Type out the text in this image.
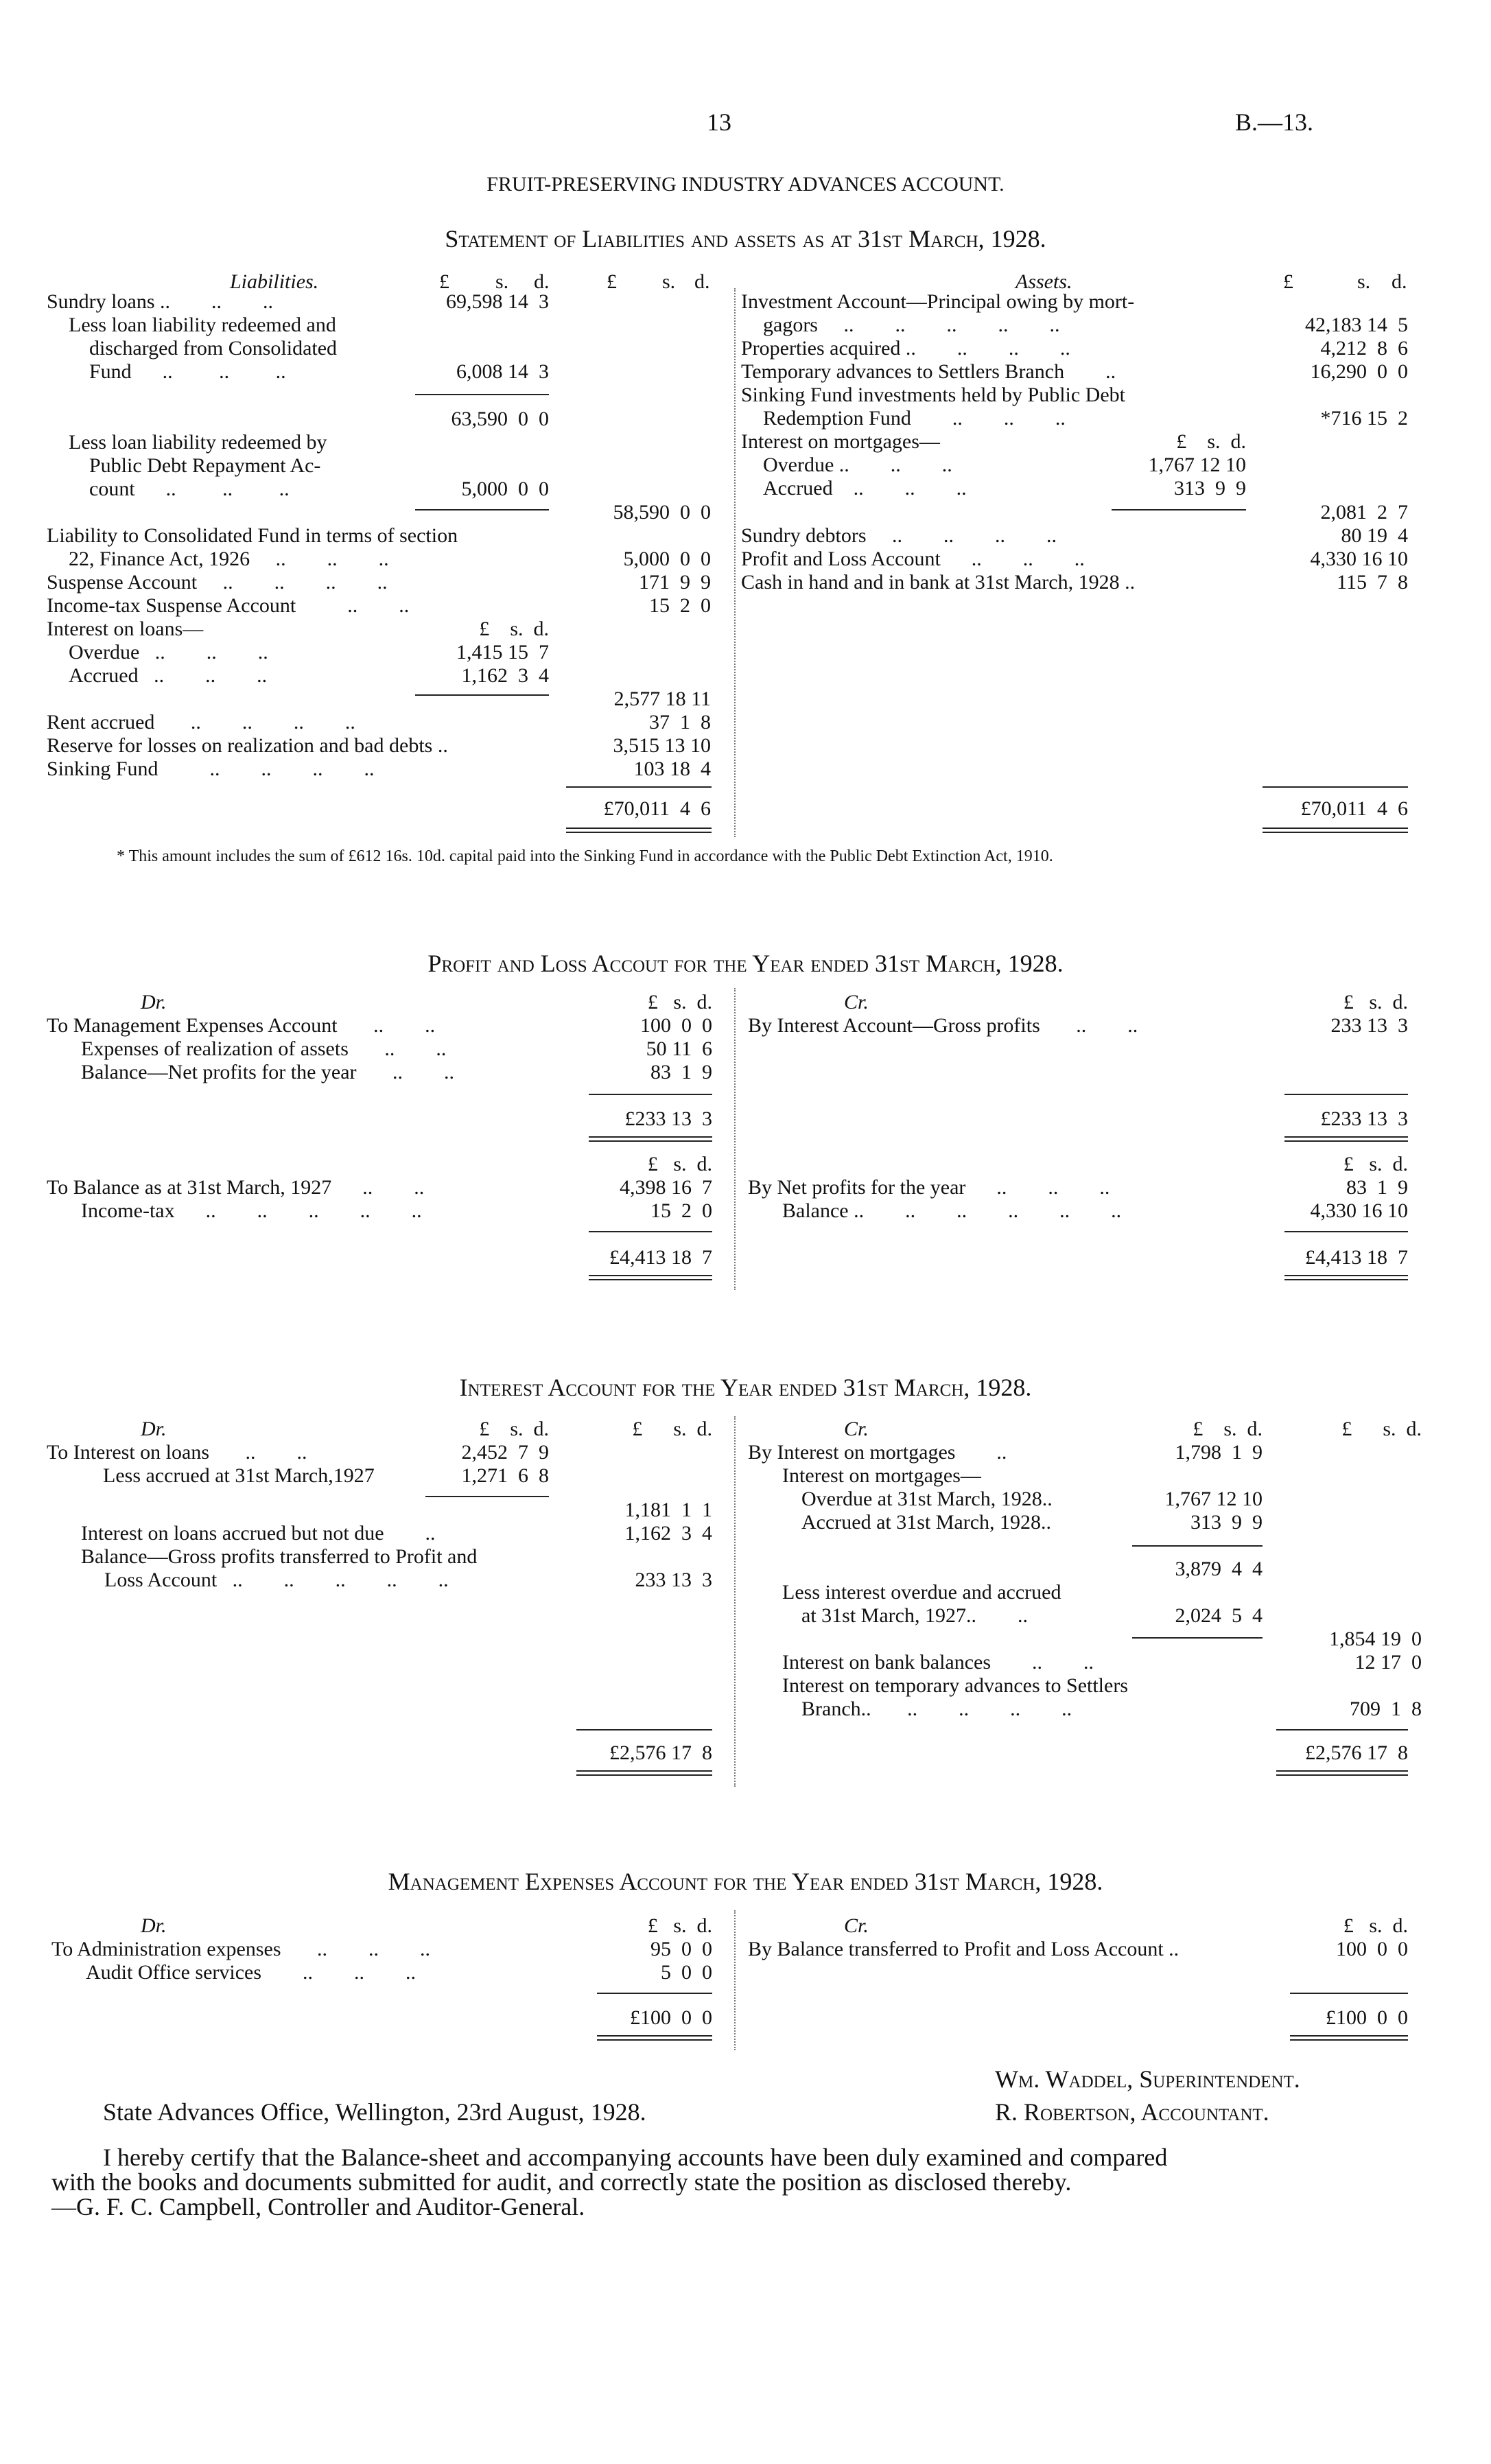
13	B.—13.
FRUIT-PRESERVING INDUSTRY ADVANCES ACCOUNT.
Statement of Liabilities and assets as at 31st March, 1928.
Liabilities.	£ s. d.	£ s. d.	Assets.	£	s. d.
Sundry loans ..        ..        ..	69,598 14  3
Less loan liability redeemed and
discharged from Consolidated
Fund      ..         ..         ..	6,008 14  3
63,590  0  0
Less loan liability redeemed by
Public Debt Repayment Ac-
count      ..         ..         ..	5,000  0  0
58,590  0  0
Liability to Consolidated Fund in terms of section
22, Finance Act, 1926     ..        ..        ..	5,000  0  0
Suspense Account     ..        ..        ..        ..	171  9  9
Income-tax Suspense Account          ..        ..	15  2  0
Interest on loans—	£    s.  d.
Overdue   ..        ..        ..	1,415 15  7
Accrued   ..        ..        ..	1,162  3  4
2,577 18 11
Rent accrued       ..        ..        ..        ..	37  1  8
Reserve for losses on realization and bad debts ..	3,515 13 10
Sinking Fund          ..        ..        ..        ..	103 18  4
£70,011  4  6
Investment Account—Principal owing by mort-
gagors     ..        ..        ..        ..        ..	42,183 14  5
Properties acquired ..        ..        ..        ..	4,212  8  6
Temporary advances to Settlers Branch        ..	16,290  0  0
Sinking Fund investments held by Public Debt
Redemption Fund        ..        ..        ..	*716 15  2
Interest on mortgages—	£    s.  d.
Overdue ..        ..        ..	1,767 12 10
Accrued    ..        ..        ..	313  9  9
2,081  2  7
Sundry debtors     ..        ..        ..        ..	80 19  4
Profit and Loss Account      ..        ..        ..	4,330 16 10
Cash in hand and in bank at 31st March, 1928 ..	115  7  8
£70,011  4  6
* This amount includes the sum of £612 16s. 10d. capital paid into the Sinking Fund in accordance with the Public Debt Extinction Act, 1910.
Profit and Loss Accout for the Year ended 31st March, 1928.
Dr.	£   s.  d.	Cr.	£   s.  d.
To Management Expenses Account       ..        ..	100  0  0
Expenses of realization of assets       ..        ..	50 11  6
Balance—Net profits for the year       ..        ..	83  1  9
£233 13  3
By Interest Account—Gross profits       ..        ..	233 13  3
£233 13  3
£   s.  d.	£   s.  d.
To Balance as at 31st March, 1927      ..        ..	4,398 16  7
Income-tax      ..        ..        ..        ..        ..	15  2  0
£4,413 18  7
By Net profits for the year      ..        ..        ..	83  1  9
Balance ..        ..        ..        ..        ..        ..	4,330 16 10
£4,413 18  7
Interest Account for the Year ended 31st March, 1928.
Dr.	£    s.  d.	£      s.  d.	Cr.	£    s.  d.	£      s.  d.
To Interest on loans       ..        ..	2,452  7  9
Less accrued at 31st March,1927	1,271  6  8
1,181  1  1
Interest on loans accrued but not due        ..	1,162  3  4
Balance—Gross profits transferred to Profit and
Loss Account   ..        ..        ..        ..        ..	233 13  3
£2,576 17  8
By Interest on mortgages        ..	1,798  1  9
Interest on mortgages—
Overdue at 31st March, 1928..	1,767 12 10
Accrued at 31st March, 1928..	313  9  9
3,879  4  4
Less interest overdue and accrued
at 31st March, 1927..        ..	2,024  5  4
1,854 19  0
Interest on bank balances        ..        ..	12 17  0
Interest on temporary advances to Settlers
Branch..       ..        ..        ..        ..	709  1  8
£2,576 17  8
Management Expenses Account for the Year ended 31st March, 1928.
Dr.	£   s.  d.	Cr.	£   s.  d.
To Administration expenses       ..        ..        ..	95  0  0
Audit Office services        ..        ..        ..	5  0  0
£100  0  0
By Balance transferred to Profit and Loss Account ..	100  0  0
£100  0  0
Wm. Waddel, Superintendent.
State Advances Office, Wellington, 23rd August, 1928.	R. Robertson, Accountant.
I hereby certify that the Balance-sheet and accompanying accounts have been duly examined and compared
with the books and documents submitted for audit, and correctly state the position as disclosed thereby.
—G. F. C. Campbell, Controller and Auditor-General.
